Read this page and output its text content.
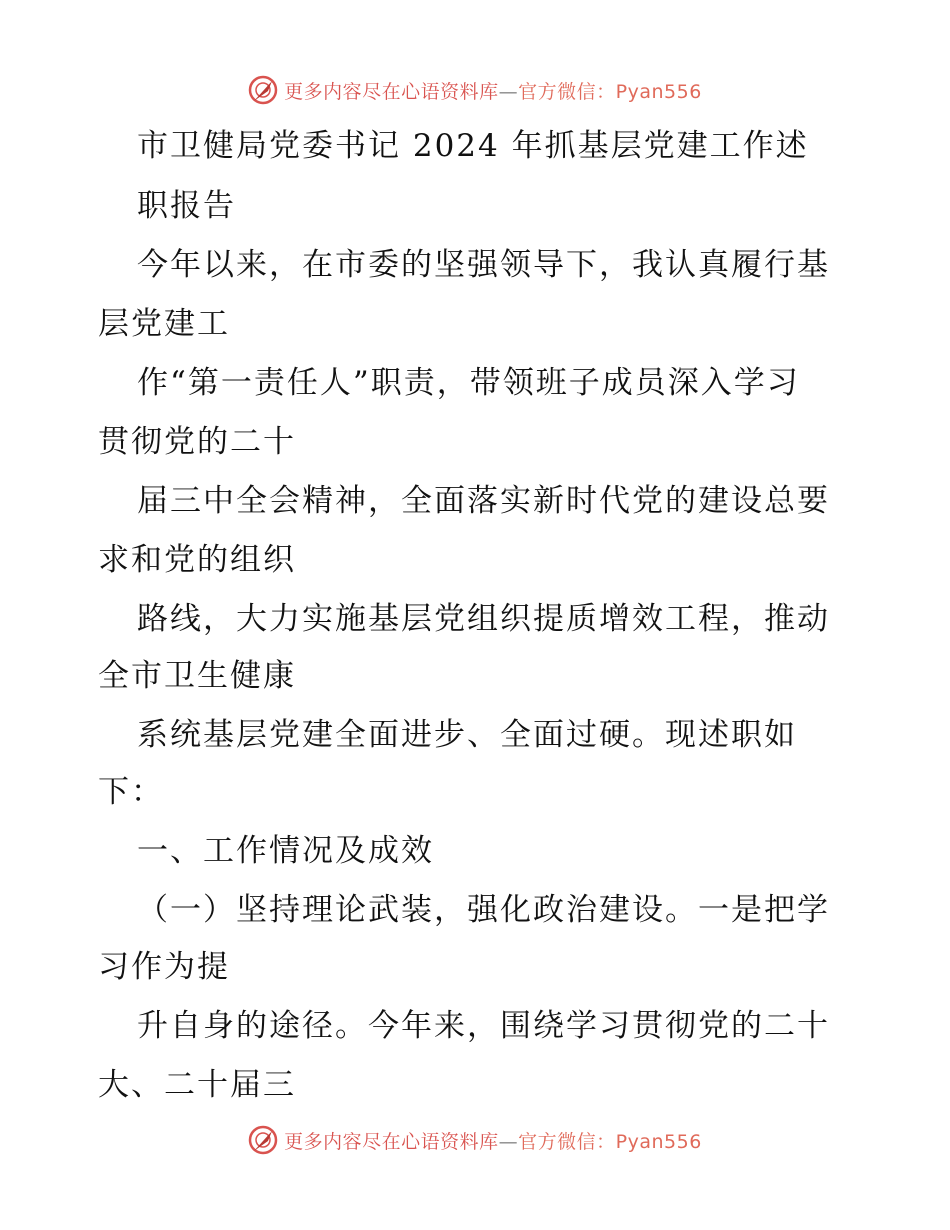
更多内容尽在心语资料库—官方微信：Pyan556
市卫健局党委书记 2024 年抓基层党建工作述
职报告
今年以来，在市委的坚强领导下，我认真履行基
层党建工
作“第一责任人”职责，带领班子成员深入学习
贯彻党的二十
届三中全会精神，全面落实新时代党的建设总要
求和党的组织
路线，大力实施基层党组织提质增效工程，推动
全市卫生健康
系统基层党建全面进步、全面过硬。现述职如
下：
一、工作情况及成效
（一）坚持理论武装，强化政治建设。一是把学
习作为提
升自身的途径。今年来，围绕学习贯彻党的二十
大、二十届三
更多内容尽在心语资料库—官方微信：Pyan556
